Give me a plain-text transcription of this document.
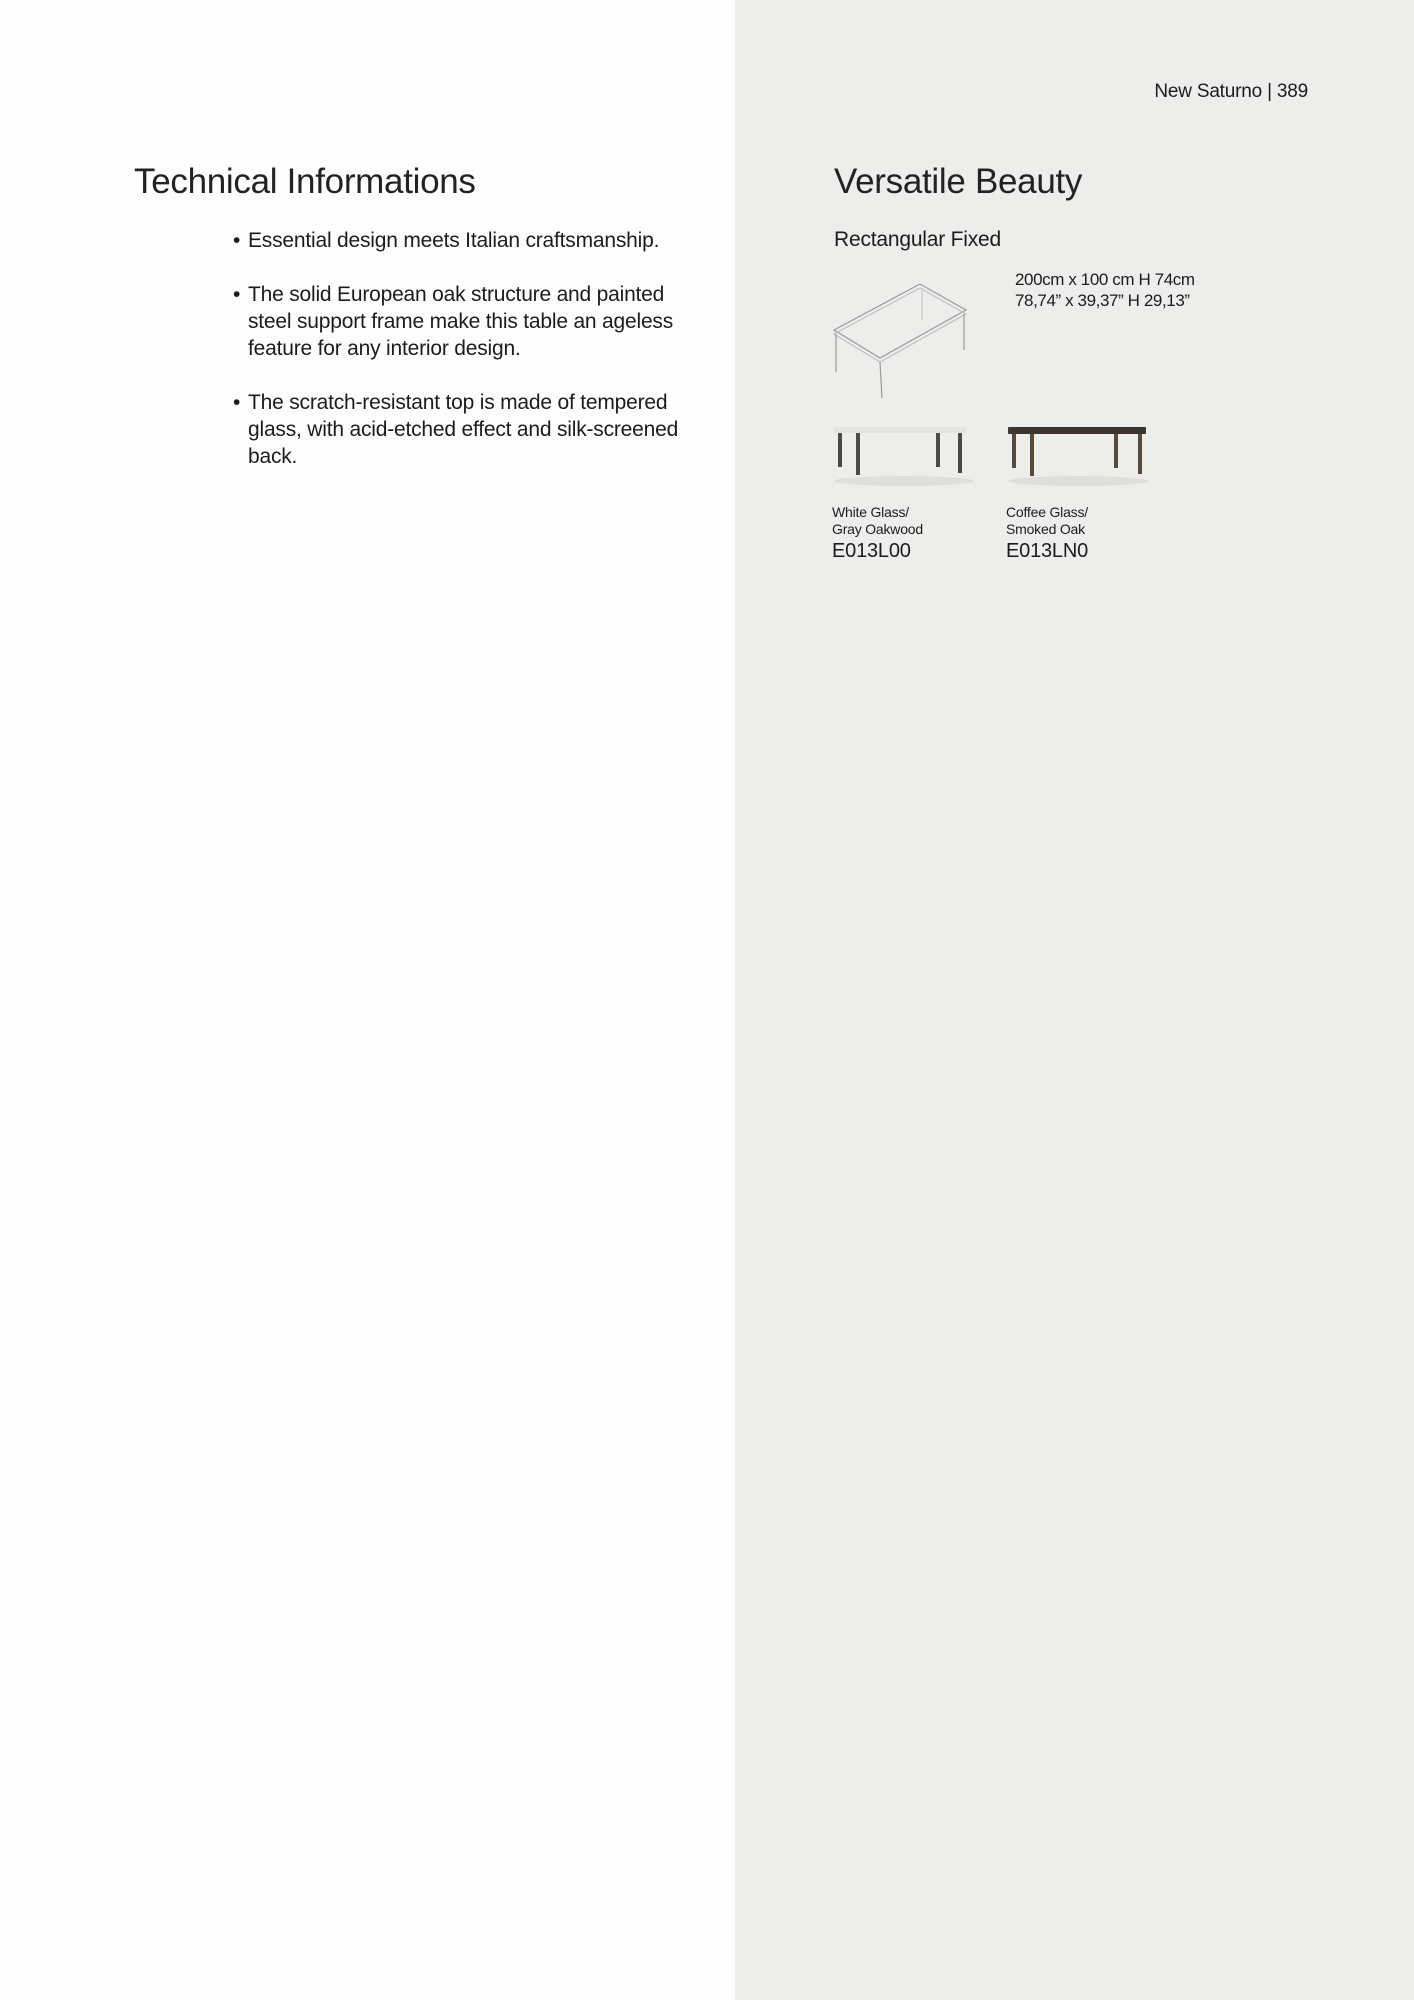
New Saturno | 389
Technical Informations
• Essential design meets Italian craftsmanship.
• The solid European oak structure and painted steel support frame make this table an ageless feature for any interior design.
• The scratch-resistant top is made of tempered glass, with acid-etched effect and silk-screened back.
Versatile Beauty
Rectangular Fixed
200cm x 100 cm H 74cm
78,74” x 39,37” H 29,13”
White Glass/
Gray Oakwood
E013L00
Coffee Glass/
Smoked Oak
E013LN0
